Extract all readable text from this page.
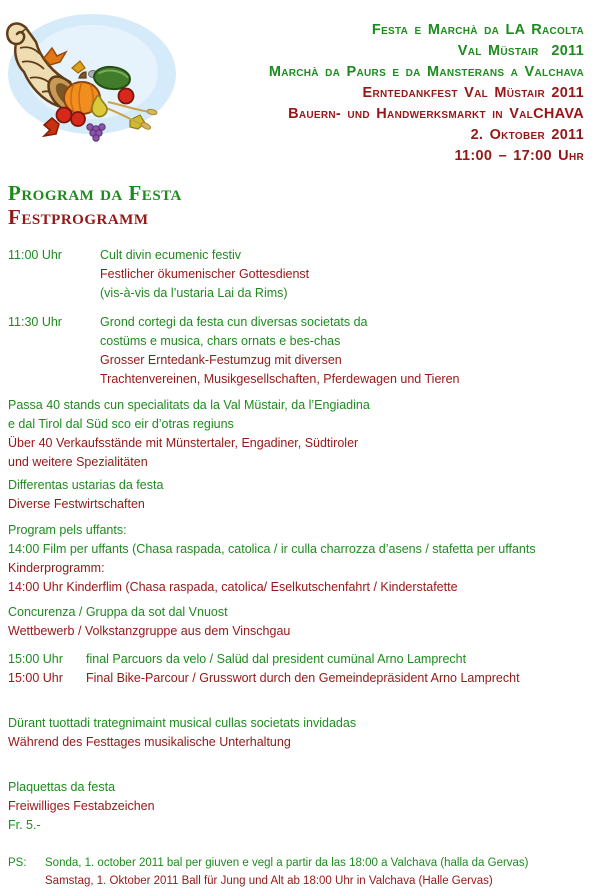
Festa e Marchà da LA Racolta
Val Müstair  2011
Marchà da Paurs e da Mansterans a Valchava
Erntedankfest Val Müstair 2011
Bauern- und Handwerksmarkt in ValCHAVA
2. Oktober 2011
11:00 – 17:00 Uhr
Program da Festa
Festprogramm
11:00 Uhr	Cult divin ecumenic festiv
Festlicher ökumenischer Gottesdienst
(vis-à-vis da l’ustaria Lai da Rims)
11:30 Uhr	Grond cortegi da festa cun diversas societats da
costüms e musica, chars ornats e bes-chas
Grosser Erntedank-Festumzug mit diversen
Trachtenvereinen, Musikgesellschaften, Pferdewagen und Tieren
Passa 40 stands cun specialitats da la Val Müstair, da l’Engiadina
e dal Tirol dal Süd sco eir d’otras regiuns
Über 40 Verkaufsstände mit Münstertaler, Engadiner, Südtiroler
und weitere Spezialitäten
Differentas ustarias da festa
Diverse Festwirtschaften
Program pels uffants:
14:00 Film per uffants (Chasa raspada, catolica / ir culla charrozza d’asens / stafetta per uffants
Kinderprogramm:
14:00 Uhr Kinderflim (Chasa raspada, catolica/ Eselkutschenfahrt / Kinderstafette
Concurenza / Gruppa da sot dal Vnuost
Wettbewerb / Volkstanzgruppe aus dem Vinschgau
15:00 Uhr	final Parcuors da velo / Salüd dal president cumünal Arno Lamprecht
15:00 Uhr	Final Bike-Parcour / Grusswort durch den Gemeindepräsident Arno Lamprecht
Dürant tuottadi trategnimaint musical cullas societats invidadas
Während des Festtages musikalische Unterhaltung
Plaquettas da festa
Freiwilliges Festabzeichen
Fr. 5.-
PS: Sonda, 1. october 2011 bal per giuven e vegl a partir da las 18:00 a Valchava (halla da Gervas)
Samstag, 1. Oktober 2011 Ball für Jung und Alt ab 18:00 Uhr in Valchava (Halle Gervas)
